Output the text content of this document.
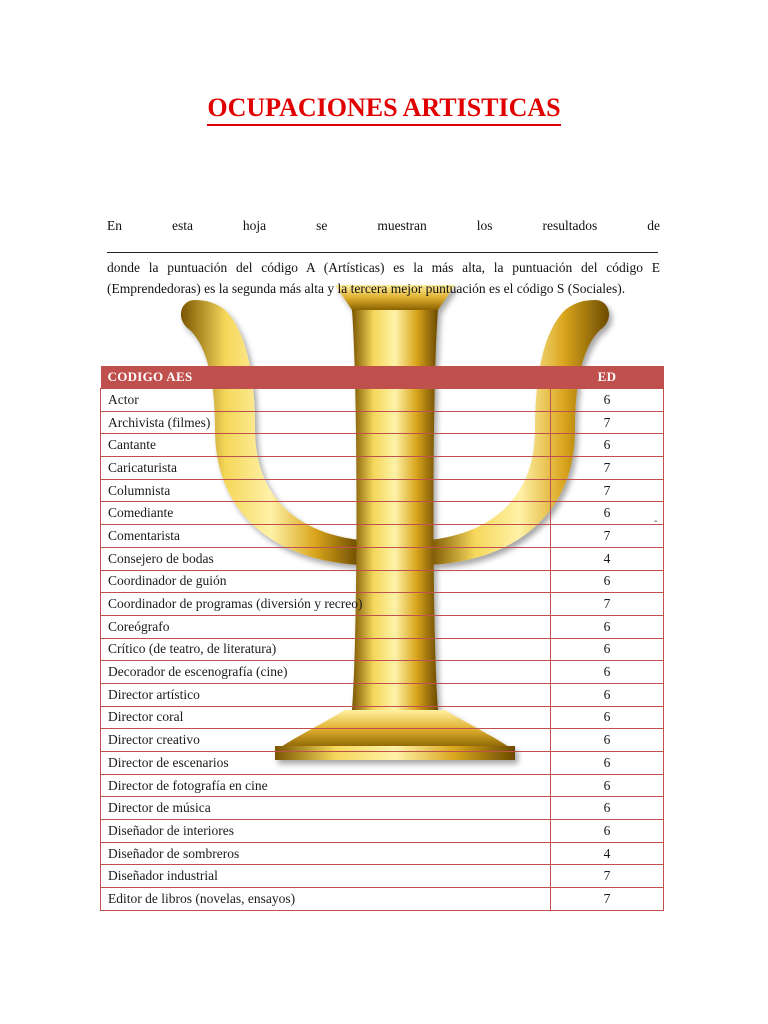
OCUPACIONES ARTISTICAS
En	esta	hoja	se	muestran	los	resultados	de
donde la puntuación del código A (Artísticas) es la más alta, la puntuación del código E (Emprendedoras) es la segunda más alta y la tercera mejor puntuación es el código S (Sociales).
CODIGO AES	ED
Actor	6
Archivista (filmes)	7
Cantante	6
Caricaturista	7
Columnista	7
Comediante	6
Comentarista	7
Consejero de bodas	4
Coordinador de guión	6
Coordinador de programas (diversión y recreo)	7
Coreógrafo	6
Crítico (de teatro, de literatura)	6
Decorador de escenografía (cine)	6
Director artístico	6
Director coral	6
Director creativo	6
Director de escenarios	6
Director de fotografía en cine	6
Director de música	6
Diseñador de interiores	6
Diseñador de sombreros	4
Diseñador industrial	7
Editor de libros (novelas, ensayos)	7
-
